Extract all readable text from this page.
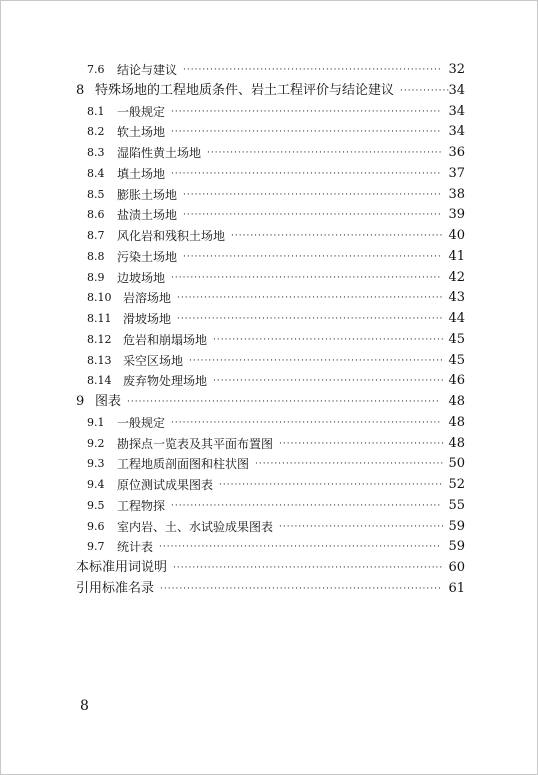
7.6 结论与建议	32
···································································
8 特殊场地的工程地质条件、岩土工程评价与结论建议	34
·············
8.1 一般规定	34
······································································
8.2 软土场地	34
······································································
8.3 湿陷性黄土场地	36
·····························································
8.4 填土场地	37
······································································
8.5 膨胀土场地	38
···································································
8.6 盐渍土场地	39
···································································
8.7 风化岩和残积土场地	40
·······················································
8.8 污染土场地	41
···································································
8.9 边坡场地	42
······································································
8.10 岩溶场地	43
·····································································
8.11 滑坡场地	44
·····································································
8.12 危岩和崩塌场地	45
····························································
8.13 采空区场地	45
··································································
8.14 废弃物处理场地	46
····························································
9 图表	48
·················································································
9.1 一般规定	48
······································································
9.2 勘探点一览表及其平面布置图	48
···········································
9.3 工程地质剖面图和柱状图	50
·················································
9.4 原位测试成果图表	52
··························································
9.5 工程物探	55
······································································
9.6 室内岩、土、水试验成果图表	59
···········································
9.7 统计表	59
·········································································
本标准用词说明	60
······································································
引用标准名录	61
·········································································
8
